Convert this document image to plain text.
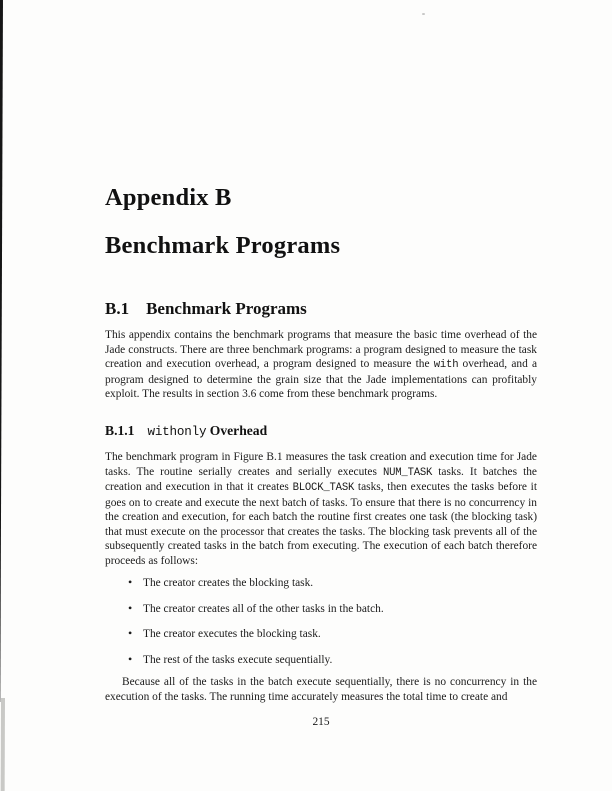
Appendix B
Benchmark Programs
B.1 Benchmark Programs

This appendix contains the benchmark programs that measure the basic time overhead of the Jade constructs. There are three benchmark programs: a program designed to measure the task creation and execution overhead, a program designed to measure the with overhead, and a program designed to determine the grain size that the Jade implementations can profitably exploit. The results in section 3.6 come from these benchmark programs.

B.1.1 withonly Overhead

The benchmark program in Figure B.1 measures the task creation and execution time for Jade tasks. The routine serially creates and serially executes NUM_TASK tasks. It batches the creation and execution in that it creates BLOCK_TASK tasks, then executes the tasks before it goes on to create and execute the next batch of tasks. To ensure that there is no concurrency in the creation and execution, for each batch the routine first creates one task (the blocking task) that must execute on the processor that creates the tasks. The blocking task prevents all of the subsequently created tasks in the batch from executing. The execution of each batch therefore proceeds as follows:

• The creator creates the blocking task.
• The creator creates all of the other tasks in the batch.
• The creator executes the blocking task.
• The rest of the tasks execute sequentially.

Because all of the tasks in the batch execute sequentially, there is no concurrency in the execution of the tasks. The running time accurately measures the total time to create and

215
